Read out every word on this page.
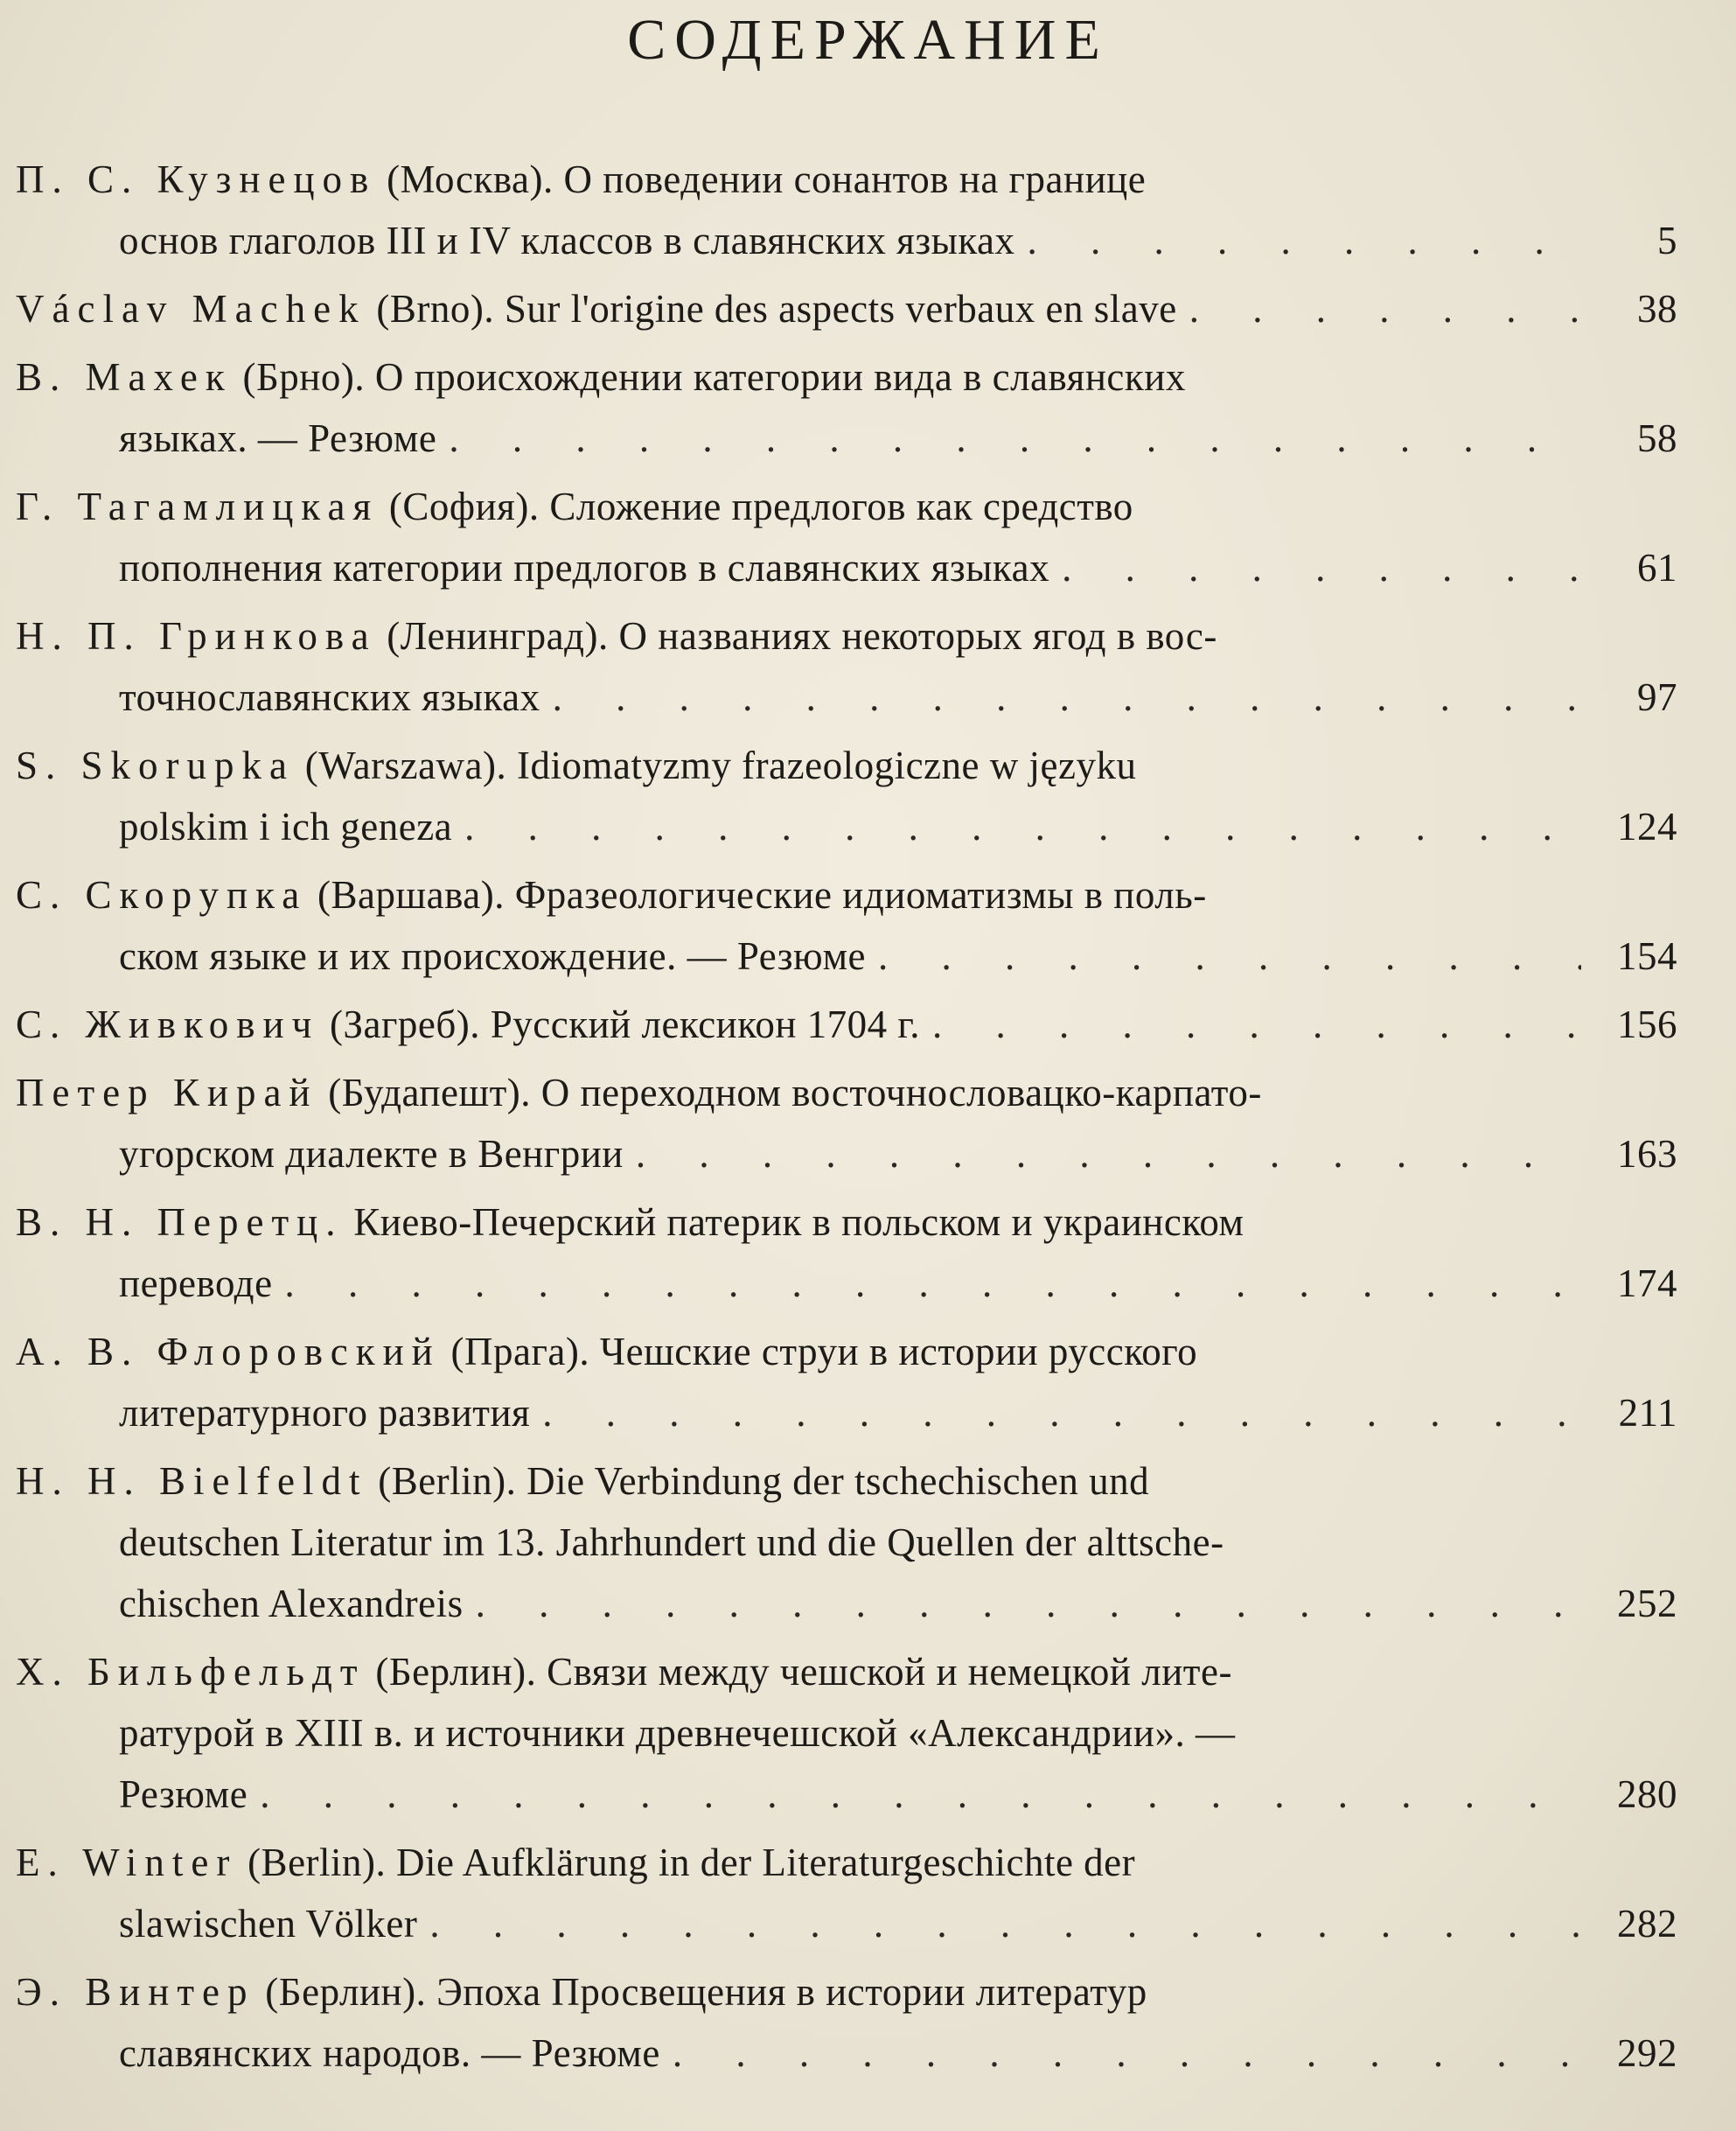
СОДЕРЖАНИЕ
П. С. Кузнецов (Москва). О поведении сонантов на границе
основ глаголов III и IV классов в славянских языках . . .	5
Václav Machek (Brno). Sur l'origine des aspects verbaux en slave . . .	38
В. Махек (Брно). О происхождении категории вида в славянских
языках. — Резюме . . .	58
Г. Тагамлицкая (София). Сложение предлогов как средство
пополнения категории предлогов в славянских языках . . .	61
Н. П. Гринкова (Ленинград). О названиях некоторых ягод в вос-
точнославянских языках . . .	97
S. Skorupka (Warszawa). Idiomatyzmy frazeologiczne w języku
polskim i ich geneza . . .	124
С. Скорупка (Варшава). Фразеологические идиоматизмы в поль-
ском языке и их происхождение. — Резюме . . .	154
С. Живкович (Загреб). Русский лексикон 1704 г. . . .	156
Петер Кирай (Будапешт). О переходном восточнословацко-карпато-
угорском диалекте в Венгрии . . .	163
В. Н. Перетц. Киево-Печерский патерик в польском и украинском
переводе . . .	174
А. В. Флоровский (Прага). Чешские струи в истории русского
литературного развития . . .	211
H. H. Bielfeldt (Berlin). Die Verbindung der tschechischen und
deutschen Literatur im 13. Jahrhundert und die Quellen der alttsche-
chischen Alexandreis . . .	252
Х. Бильфельдт (Берлин). Связи между чешской и немецкой лите-
ратурой в XIII в. и источники древнечешской «Александрии». —
Резюме . . .	280
E. Winter (Berlin). Die Aufklärung in der Literaturgeschichte der
slawischen Völker . . .	282
Э. Винтер (Берлин). Эпоха Просвещения в истории литератур
славянских народов. — Резюме . . .	292
